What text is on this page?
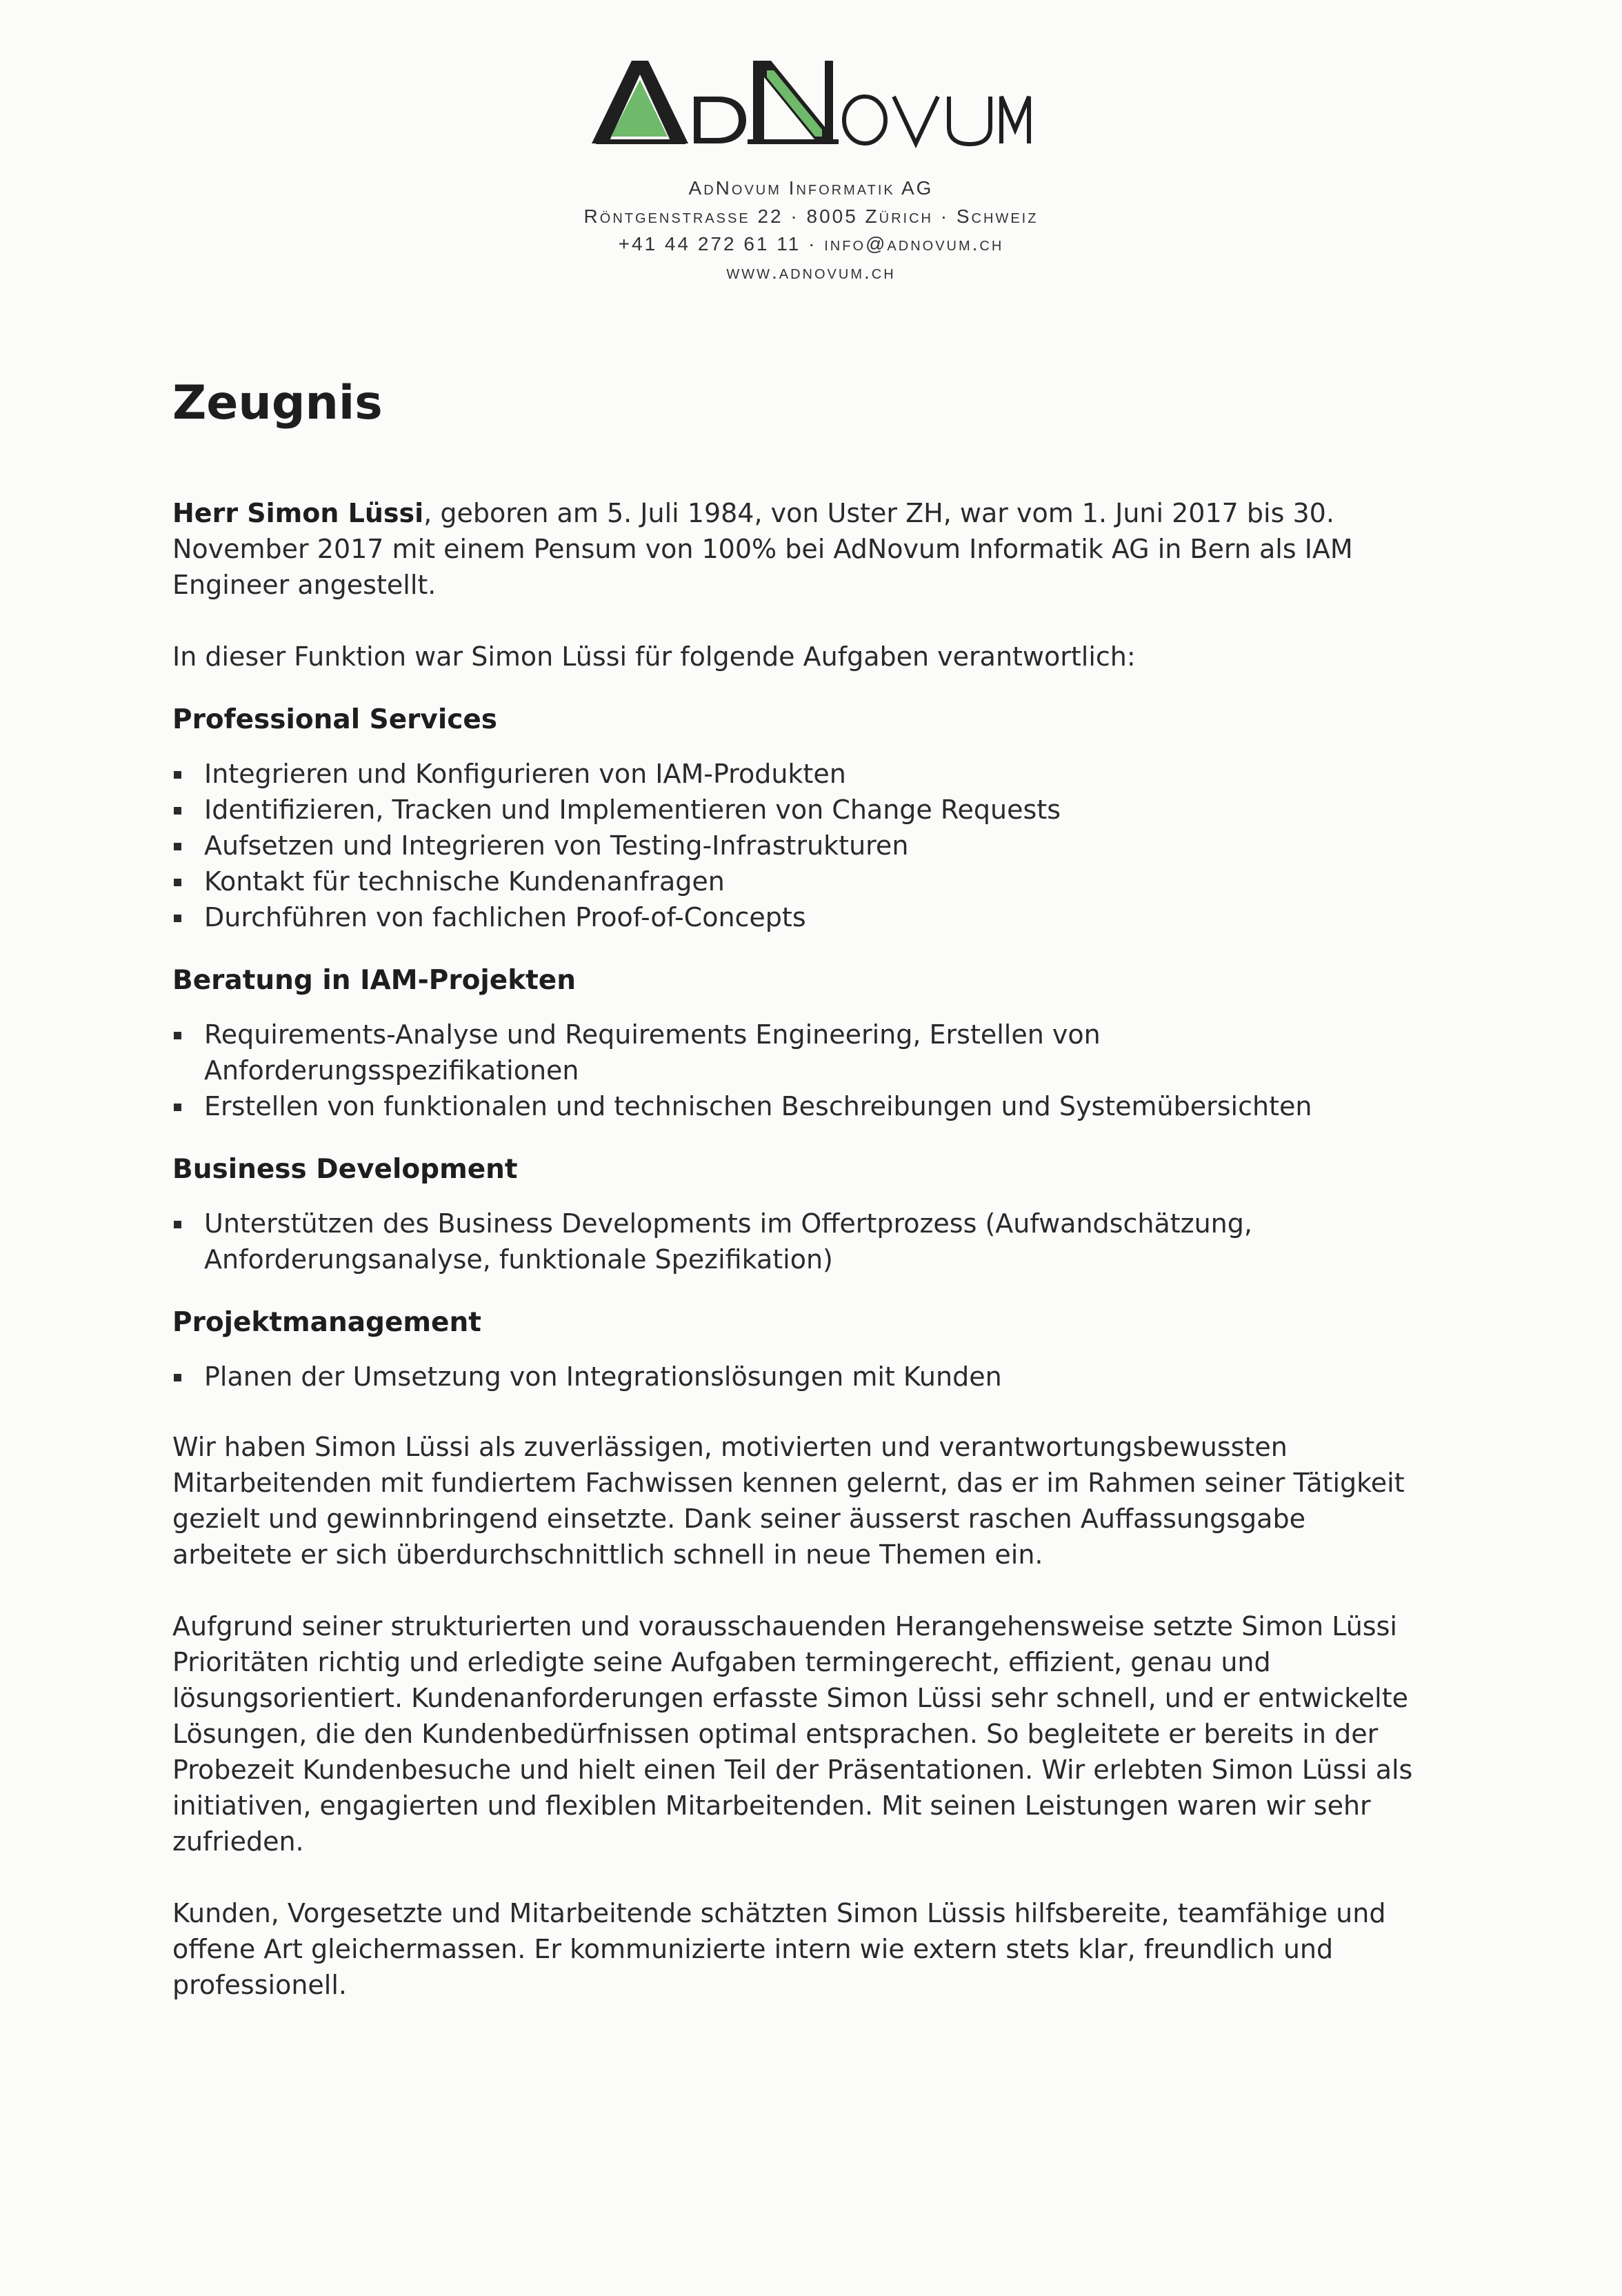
AdNovum Informatik AG
Röntgenstrasse 22 · 8005 Zürich · Schweiz
+41 44 272 61 11 · info@adnovum.ch
www.adnovum.ch
Zeugnis

Herr Simon Lüssi, geboren am 5. Juli 1984, von Uster ZH, war vom 1. Juni 2017 bis 30. November 2017 mit einem Pensum von 100% bei AdNovum Informatik AG in Bern als IAM Engineer angestellt.

In dieser Funktion war Simon Lüssi für folgende Aufgaben verantwortlich:

Professional Services
Integrieren und Konfigurieren von IAM-Produkten
Identifizieren, Tracken und Implementieren von Change Requests
Aufsetzen und Integrieren von Testing-Infrastrukturen
Kontakt für technische Kundenanfragen
Durchführen von fachlichen Proof-of-Concepts
Beratung in IAM-Projekten
Requirements-Analyse und Requirements Engineering, Erstellen von Anforderungsspezifikationen
Erstellen von funktionalen und technischen Beschreibungen und Systemübersichten
Business Development
Unterstützen des Business Developments im Offertprozess (Aufwandschätzung, Anforderungsanalyse, funktionale Spezifikation)
Projektmanagement
Planen der Umsetzung von Integrationslösungen mit Kunden

Wir haben Simon Lüssi als zuverlässigen, motivierten und verantwortungsbewussten Mitarbeitenden mit fundiertem Fachwissen kennen gelernt, das er im Rahmen seiner Tätigkeit gezielt und gewinnbringend einsetzte. Dank seiner äusserst raschen Auffassungsgabe arbeitete er sich überdurchschnittlich schnell in neue Themen ein.

Aufgrund seiner strukturierten und vorausschauenden Herangehensweise setzte Simon Lüssi Prioritäten richtig und erledigte seine Aufgaben termingerecht, effizient, genau und lösungsorientiert. Kundenanforderungen erfasste Simon Lüssi sehr schnell, und er entwickelte Lösungen, die den Kundenbedürfnissen optimal entsprachen. So begleitete er bereits in der Probezeit Kundenbesuche und hielt einen Teil der Präsentationen. Wir erlebten Simon Lüssi als initiativen, engagierten und flexiblen Mitarbeitenden. Mit seinen Leistungen waren wir sehr zufrieden.

Kunden, Vorgesetzte und Mitarbeitende schätzten Simon Lüssis hilfsbereite, teamfähige und offene Art gleichermassen. Er kommunizierte intern wie extern stets klar, freundlich und professionell.
